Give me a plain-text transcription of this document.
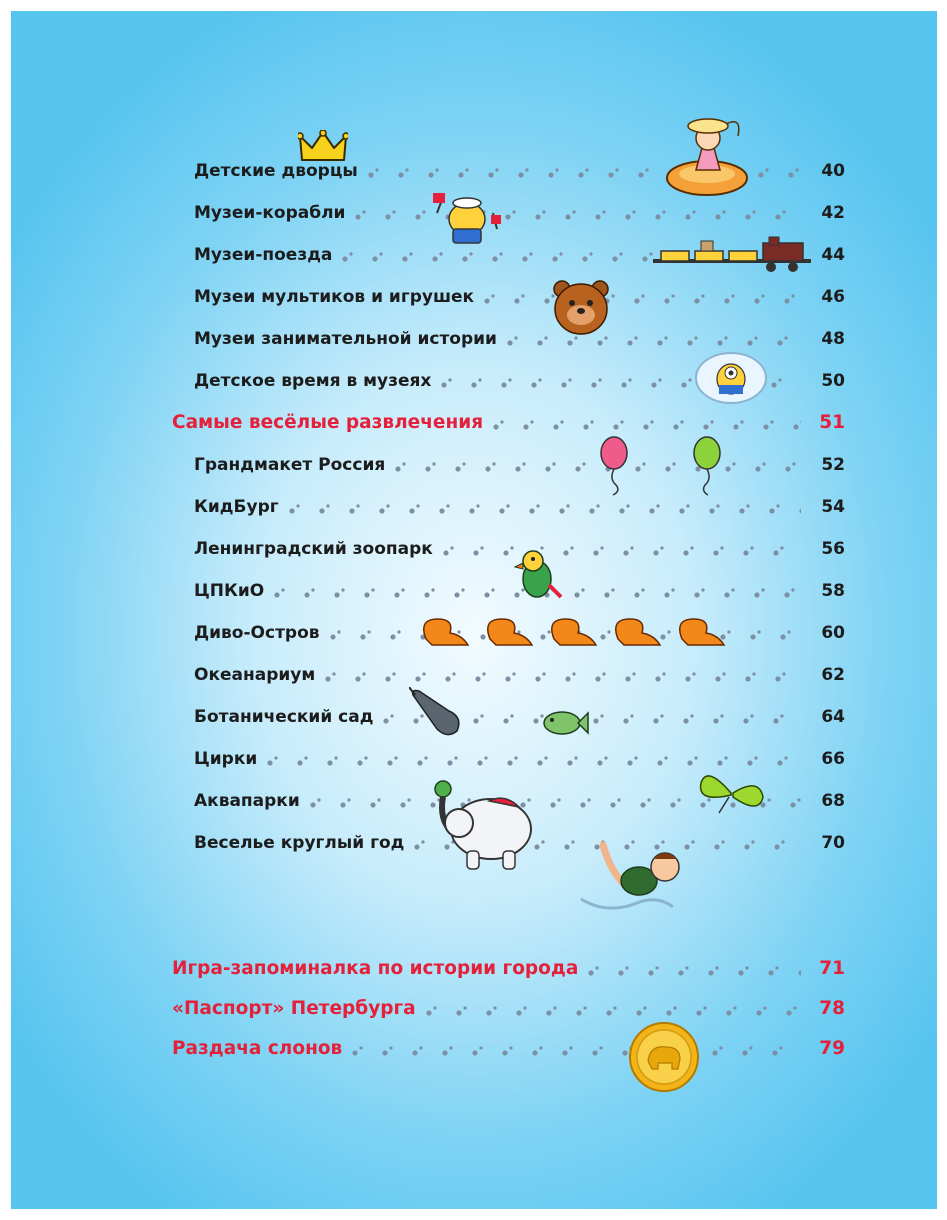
Детские дворцы	40
Музеи-корабли	42
Музеи-поезда	44
Музеи мультиков и игрушек	46
Музеи занимательной истории	48
Детское время в музеях	50
Самые весёлые развлечения	51
Грандмакет Россия	52
КидБург	54
Ленинградский зоопарк	56
ЦПКиО	58
Диво-Остров	60
Океанариум	62
Ботанический сад	64
Цирки	66
Аквапарки	68
Веселье круглый год	70
Игра-запоминалка по истории города	71
«Паспорт» Петербурга	78
Раздача слонов	79
